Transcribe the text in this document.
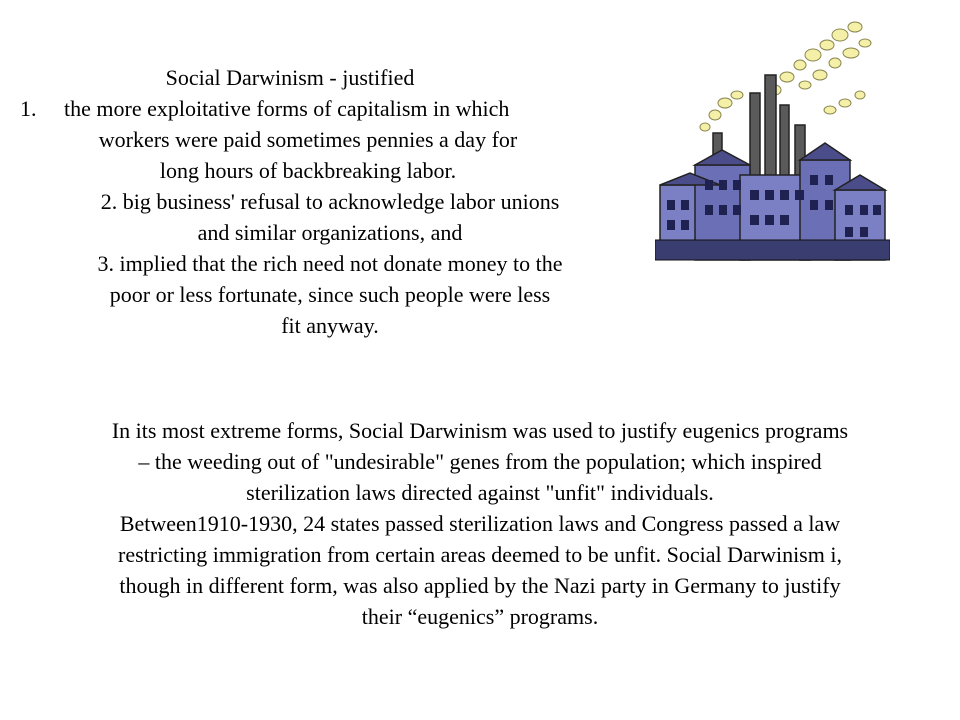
Social Darwinism - justified
1. the more exploitative forms of capitalism in which
workers were paid sometimes pennies a day for
long hours of backbreaking labor.
2. big business' refusal to acknowledge labor unions
and similar organizations, and
3. implied that the rich need not donate money to the
poor or less fortunate, since such people were less
fit anyway.
In its most extreme forms, Social Darwinism was used to justify eugenics programs
– the weeding out of "undesirable" genes from the population; which inspired
sterilization laws directed against "unfit" individuals.
Between1910-1930, 24 states passed sterilization laws and Congress passed a law
restricting immigration from certain areas deemed to be unfit. Social Darwinism i,
though in different form, was also applied by the Nazi party in Germany to justify
their “eugenics” programs.
